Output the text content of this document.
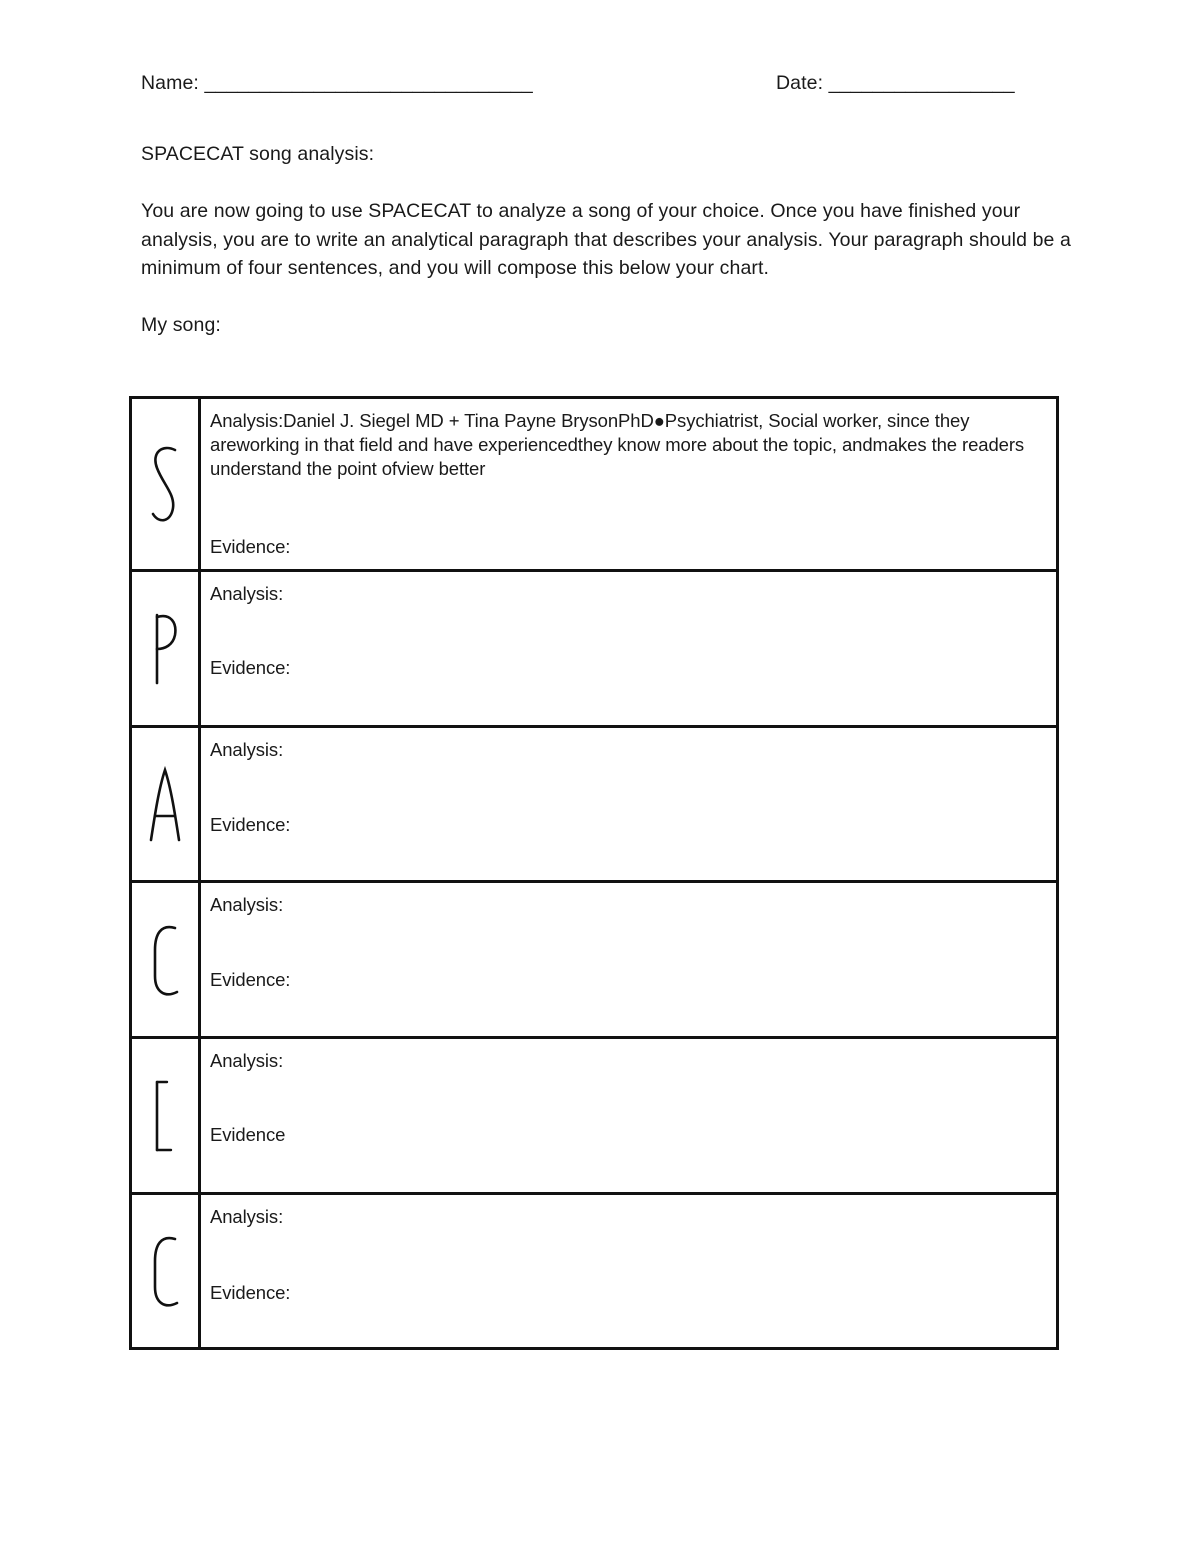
Name: ______________________________	Date: _________________
SPACECAT song analysis:
You are now going to use SPACECAT to analyze a song of your choice. Once you have finished your analysis, you are to write an analytical paragraph that describes your analysis. Your paragraph should be a minimum of four sentences, and you will compose this below your chart.
My song:

Analysis:Daniel J. Siegel MD + Tina Payne BrysonPhD●Psychiatrist, Social worker, since they areworking in that field and have experiencedthey know more about the topic, andmakes the readers understand the point ofview better
Evidence:

Analysis:
Evidence:

Analysis:
Evidence:

Analysis:
Evidence:

Analysis:
Evidence

Analysis:
Evidence:
